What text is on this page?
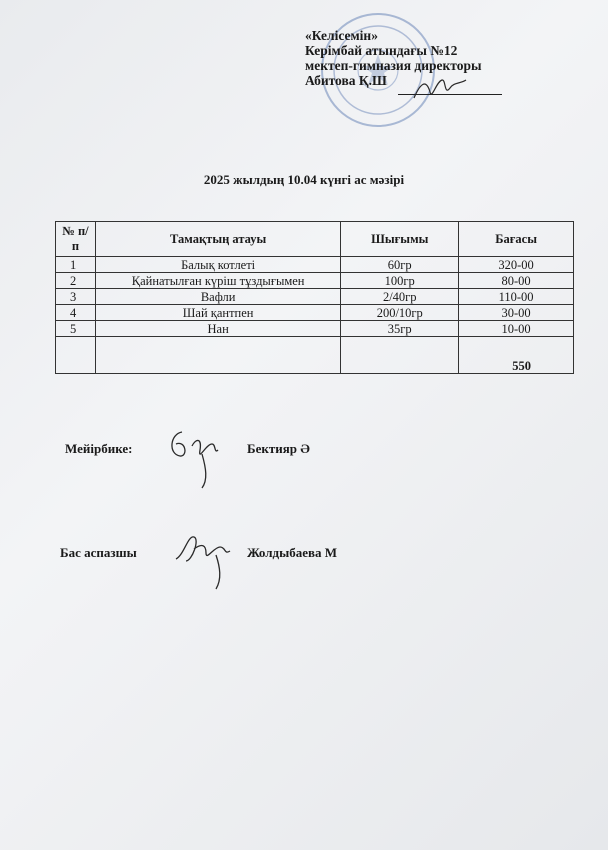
«Келісемін»
Керімбай атындағы №12
мектеп-гимназия директоры
Абитова Қ.Ш
2025 жылдың 10.04 күнгі ас мәзірі
№ п/п	Тамақтың атауы	Шығымы	Бағасы
1	Балық котлеті	60гр	320-00
2	Қайнатылған күріш тұздығымен	100гр	80-00
3	Вафли	2/40гр	110-00
4	Шай қантпен	200/10гр	30-00
5	Нан	35гр	10-00
			550
Мейірбике:	Бектияр Ә
Бас аспазшы	Жолдыбаева М
